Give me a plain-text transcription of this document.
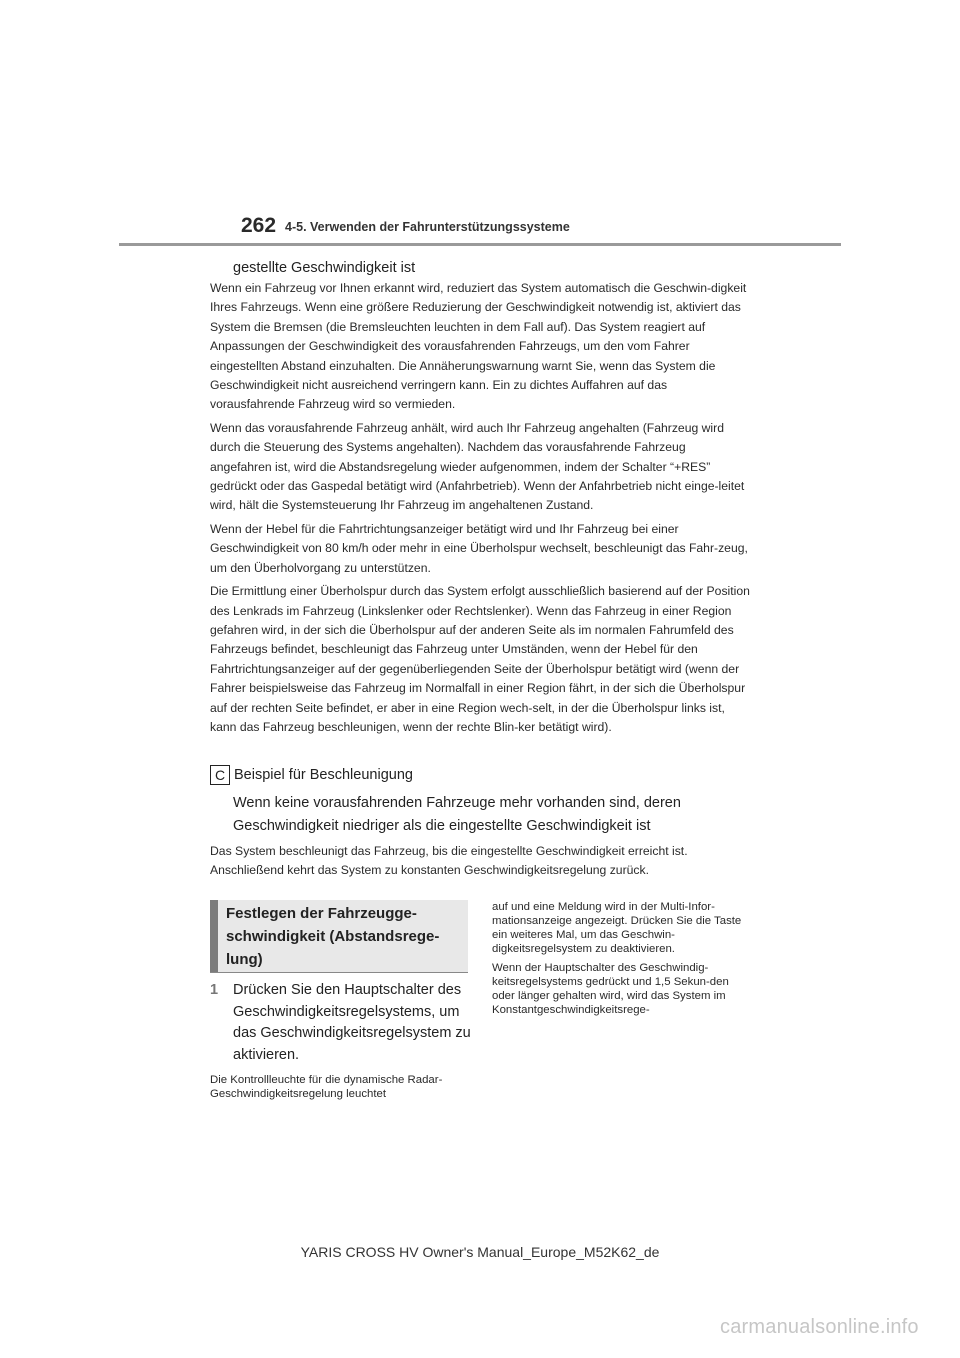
262 4-5. Verwenden der Fahrunterstützungssysteme
gestellte Geschwindigkeit ist

Wenn ein Fahrzeug vor Ihnen erkannt wird, reduziert das System automatisch die Geschwin-digkeit Ihres Fahrzeugs. Wenn eine größere Reduzierung der Geschwindigkeit notwendig ist, aktiviert das System die Bremsen (die Bremsleuchten leuchten in dem Fall auf). Das System reagiert auf Anpassungen der Geschwindigkeit des vorausfahrenden Fahrzeugs, um den vom Fahrer eingestellten Abstand einzuhalten. Die Annäherungswarnung warnt Sie, wenn das System die Geschwindigkeit nicht ausreichend verringern kann. Ein zu dichtes Auffahren auf das vorausfahrende Fahrzeug wird so vermieden.

Wenn das vorausfahrende Fahrzeug anhält, wird auch Ihr Fahrzeug angehalten (Fahrzeug wird durch die Steuerung des Systems angehalten). Nachdem das vorausfahrende Fahrzeug angefahren ist, wird die Abstandsregelung wieder aufgenommen, indem der Schalter “+RES” gedrückt oder das Gaspedal betätigt wird (Anfahrbetrieb). Wenn der Anfahrbetrieb nicht einge-leitet wird, hält die Systemsteuerung Ihr Fahrzeug im angehaltenen Zustand.

Wenn der Hebel für die Fahrtrichtungsanzeiger betätigt wird und Ihr Fahrzeug bei einer Geschwindigkeit von 80 km/h oder mehr in eine Überholspur wechselt, beschleunigt das Fahr-zeug, um den Überholvorgang zu unterstützen.

Die Ermittlung einer Überholspur durch das System erfolgt ausschließlich basierend auf der Position des Lenkrads im Fahrzeug (Linkslenker oder Rechtslenker). Wenn das Fahrzeug in einer Region gefahren wird, in der sich die Überholspur auf der anderen Seite als im normalen Fahrumfeld des Fahrzeugs befindet, beschleunigt das Fahrzeug unter Umständen, wenn der Hebel für den Fahrtrichtungsanzeiger auf der gegenüberliegenden Seite der Überholspur betätigt wird (wenn der Fahrer beispielsweise das Fahrzeug im Normalfall in einer Region fährt, in der sich die Überholspur auf der rechten Seite befindet, er aber in eine Region wech-selt, in der die Überholspur links ist, kann das Fahrzeug beschleunigen, wenn der rechte Blin-ker betätigt wird).

C Beispiel für Beschleunigung
Wenn keine vorausfahrenden Fahrzeuge mehr vorhanden sind, deren Geschwindigkeit niedriger als die eingestellte Geschwindigkeit ist
Das System beschleunigt das Fahrzeug, bis die eingestellte Geschwindigkeit erreicht ist. Anschließend kehrt das System zu konstanten Geschwindigkeitsregelung zurück.
Festlegen der Fahrzeugge-schwindigkeit (Abstandsrege-lung)
1 Drücken Sie den Hauptschalter des Geschwindigkeitsregelsystems, um das Geschwindigkeitsregelsystem zu aktivieren.
Die Kontrollleuchte für die dynamische Radar-Geschwindigkeitsregelung leuchtet

auf und eine Meldung wird in der Multi-Infor-mationsanzeige angezeigt. Drücken Sie die Taste ein weiteres Mal, um das Geschwin-digkeitsregelsystem zu deaktivieren.

Wenn der Hauptschalter des Geschwindig-keitsregelsystems gedrückt und 1,5 Sekun-den oder länger gehalten wird, wird das System im Konstantgeschwindigkeitsrege-

YARIS CROSS HV Owner's Manual_Europe_M52K62_de
carmanualsonline.info
